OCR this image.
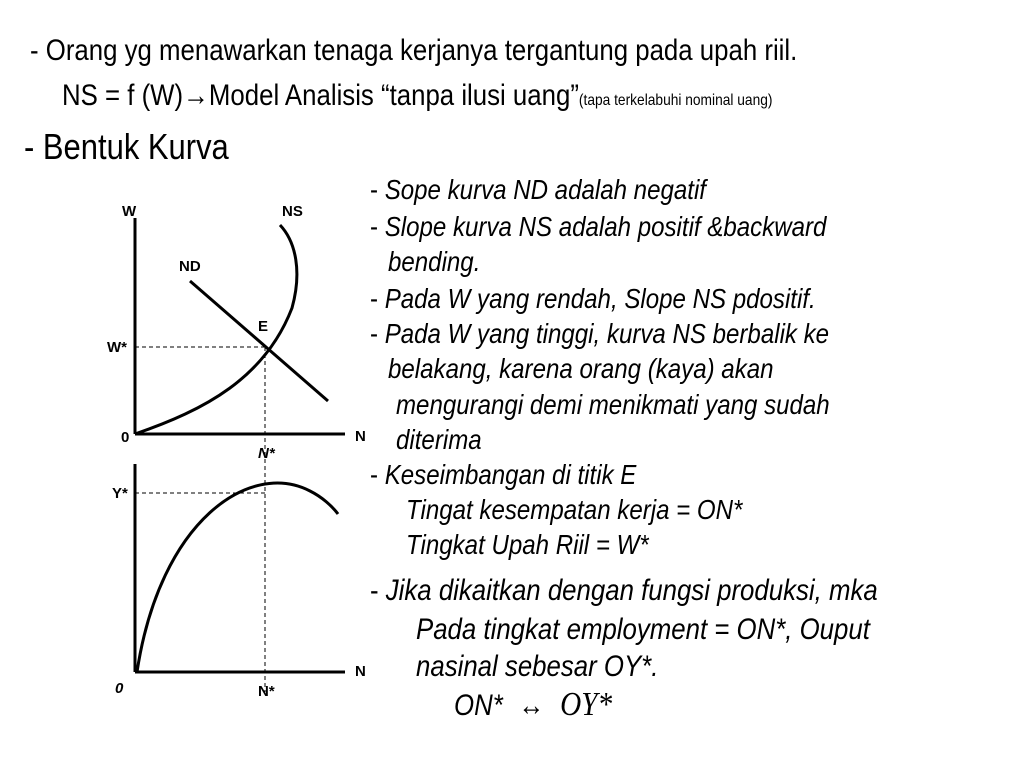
- Orang yg menawarkan tenaga kerjanya tergantung pada upah riil.
NS = f (W)→Model Analisis “tanpa ilusi uang”(tapa terkelabuhi nominal uang)
- Bentuk Kurva
W
N
0
ND
NS
E
W*
N*
N
0
Y*
N*
- Sope kurva ND adalah negatif
- Slope kurva NS adalah positif &backward
bending.
- Pada W yang rendah, Slope NS pdositif.
- Pada W yang tinggi, kurva NS berbalik ke
belakang, karena orang (kaya) akan
mengurangi demi menikmati yang sudah
diterima
- Keseimbangan di titik E
Tingat kesempatan kerja = ON*
Tingkat Upah Riil = W*
- Jika dikaitkan dengan fungsi produksi, mka
Pada tingkat employment = ON*, Ouput
nasinal sebesar OY*.
ON* ↔ OY*
